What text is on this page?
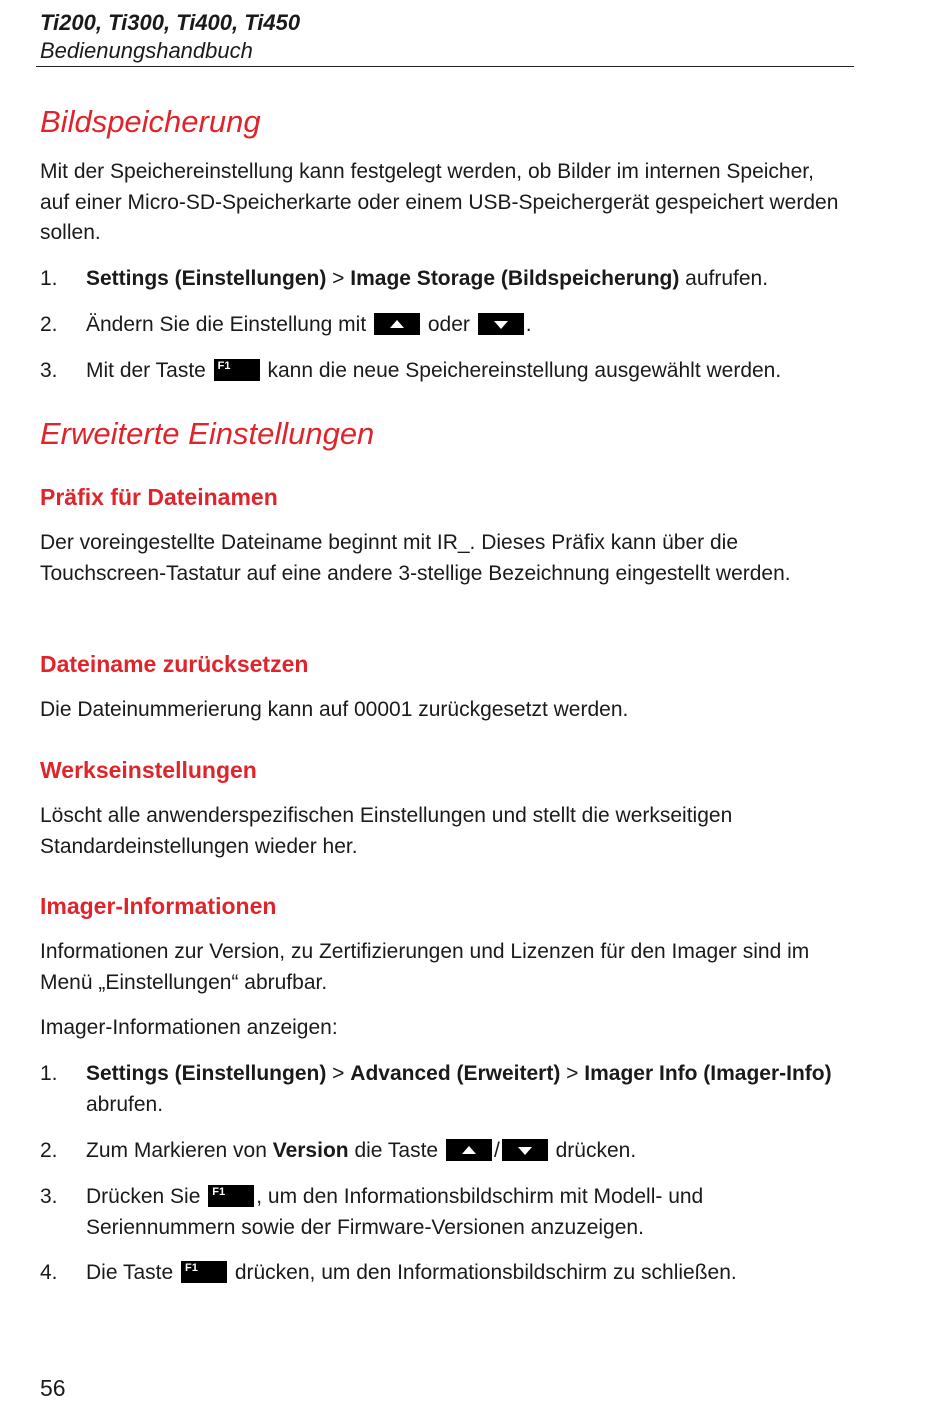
Ti200, Ti300, Ti400, Ti450
Bedienungshandbuch
Bildspeicherung
Mit der Speichereinstellung kann festgelegt werden, ob Bilder im internen Speicher, auf einer Micro-SD-Speicherkarte oder einem USB-Speichergerät gespeichert werden sollen.
1.	Settings (Einstellungen) > Image Storage (Bildspeicherung) aufrufen.
2.	Ändern Sie die Einstellung mit
oder
.
3.	Mit der Taste F1 kann die neue Speichereinstellung ausgewählt werden.
Erweiterte Einstellungen
Präfix für Dateinamen
Der voreingestellte Dateiname beginnt mit IR_. Dieses Präfix kann über die Touchscreen-Tastatur auf eine andere 3-stellige Bezeichnung eingestellt werden.
Dateiname zurücksetzen
Die Dateinummerierung kann auf 00001 zurückgesetzt werden.
Werkseinstellungen
Löscht alle anwenderspezifischen Einstellungen und stellt die werkseitigen Standardeinstellungen wieder her.
Imager-Informationen
Informationen zur Version, zu Zertifizierungen und Lizenzen für den Imager sind im Menü „Einstellungen“ abrufbar.
Imager-Informationen anzeigen:
1.	Settings (Einstellungen) > Advanced (Erweitert) > Imager Info (Imager-Info) abrufen.
2.	Zum Markieren von Version die Taste
/
drücken.
3.	Drücken Sie F1 , um den Informationsbildschirm mit Modell- und Seriennummern sowie der Firmware-Versionen anzuzeigen.
4.	Die Taste F1 drücken, um den Informationsbildschirm zu schließen.
56
